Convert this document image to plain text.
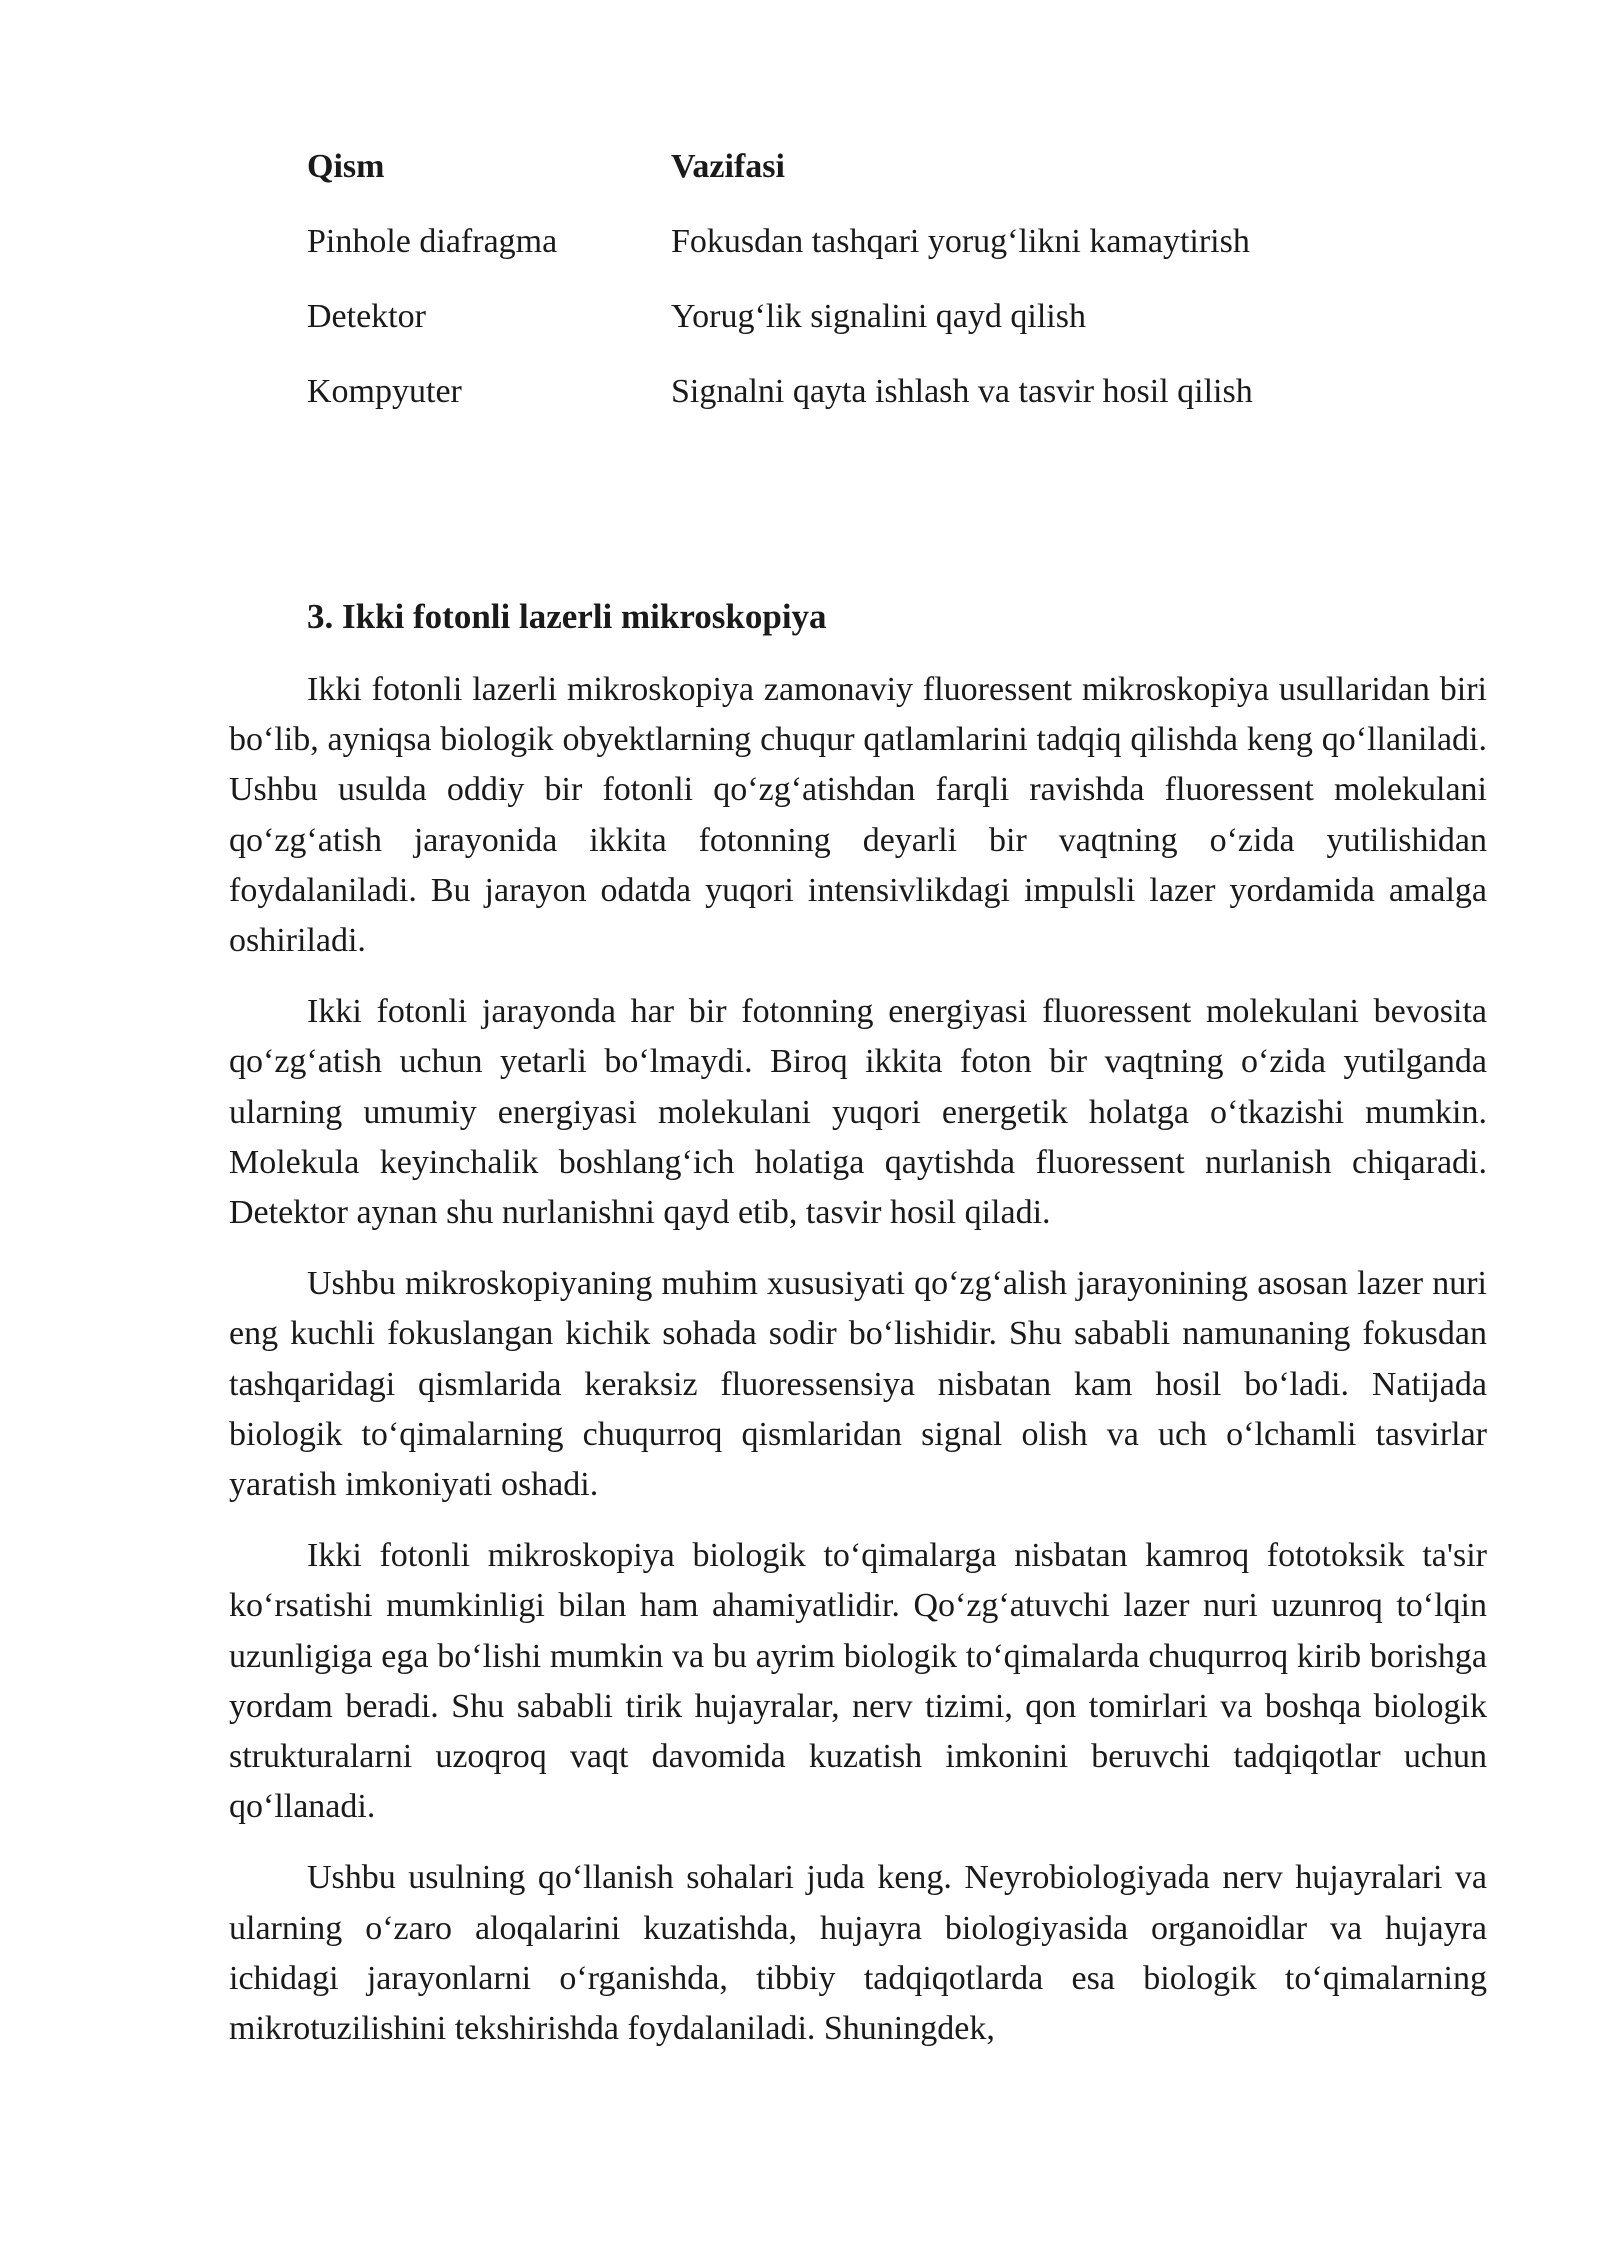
Qism	Vazifasi
Pinhole diafragma	Fokusdan tashqari yorug‘likni kamaytirish
Detektor	Yorug‘lik signalini qayd qilish
Kompyuter	Signalni qayta ishlash va tasvir hosil qilish
3. Ikki fotonli lazerli mikroskopiya

Ikki fotonli lazerli mikroskopiya zamonaviy fluoressent mikroskopiya usullaridan biri bo‘lib, ayniqsa biologik obyektlarning chuqur qatlamlarini tadqiq qilishda keng qo‘llaniladi. Ushbu usulda oddiy bir fotonli qo‘zg‘atishdan farqli ravishda fluoressent molekulani qo‘zg‘atish jarayonida ikkita fotonning deyarli bir vaqtning o‘zida yutilishidan foydalaniladi. Bu jarayon odatda yuqori intensivlikdagi impulsli lazer yordamida amalga oshiriladi.

Ikki fotonli jarayonda har bir fotonning energiyasi fluoressent molekulani bevosita qo‘zg‘atish uchun yetarli bo‘lmaydi. Biroq ikkita foton bir vaqtning o‘zida yutilganda ularning umumiy energiyasi molekulani yuqori energetik holatga o‘tkazishi mumkin. Molekula keyinchalik boshlang‘ich holatiga qaytishda fluoressent nurlanish chiqaradi. Detektor aynan shu nurlanishni qayd etib, tasvir hosil qiladi.

Ushbu mikroskopiyaning muhim xususiyati qo‘zg‘alish jarayonining asosan lazer nuri eng kuchli fokuslangan kichik sohada sodir bo‘lishidir. Shu sababli namunaning fokusdan tashqaridagi qismlarida keraksiz fluoressensiya nisbatan kam hosil bo‘ladi. Natijada biologik to‘qimalarning chuqurroq qismlaridan signal olish va uch o‘lchamli tasvirlar yaratish imkoniyati oshadi.

Ikki fotonli mikroskopiya biologik to‘qimalarga nisbatan kamroq fototoksik ta's‌ir ko‘rsatishi mumkinligi bilan ham ahamiyatlidir. Qo‘zg‘atuvchi lazer nuri uzunroq to‘lqin uzunligiga ega bo‘lishi mumkin va bu ayrim biologik to‘qimalarda chuqurroq kirib borishga yordam beradi. Shu sababli tirik hujayralar, nerv tizimi, qon tomirlari va boshqa biologik strukturalarni uzoqroq vaqt davomida kuzatish imkonini beruvchi tadqiqotlar uchun qo‘llanadi.

Ushbu usulning qo‘llanish sohalari juda keng. Neyrobiologiyada nerv hujayralari va ularning o‘zaro aloqalarini kuzatishda, hujayra biologiyasida organoidlar va hujayra ichidagi jarayonlarni o‘rganishda, tibbiy tadqiqotlarda esa biologik to‘qimalarning mikrotuzilishini tekshirishda foydalaniladi. Shuningdek,
